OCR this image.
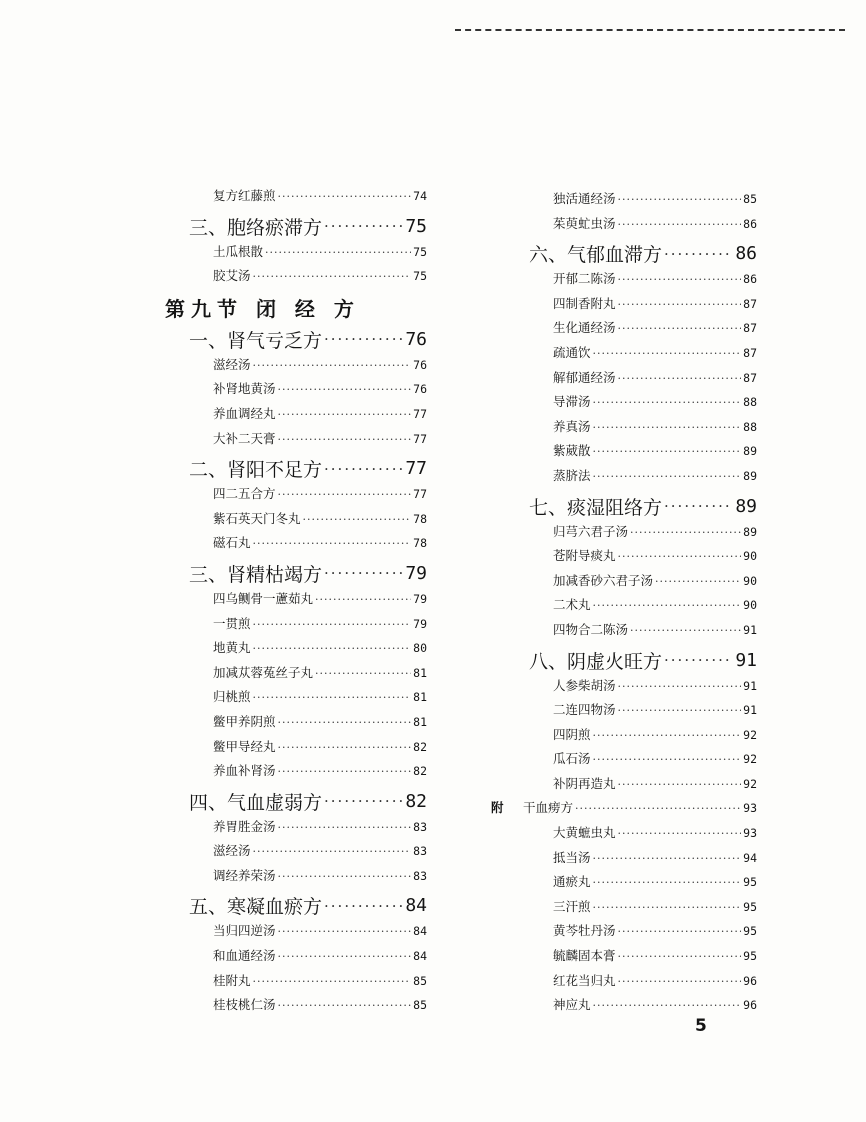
复方红藤煎 ·····	74
三、胞络瘀滞方 ·····	75
土瓜根散 ·····	75
胶艾汤 ·····	75
第九节 闭 经 方
一、肾气亏乏方 ·····	76
滋经汤 ·····	76
补肾地黄汤 ·····	76
养血调经丸 ·····	77
大补二天膏 ·····	77
二、肾阳不足方 ·····	77
四二五合方 ·····	77
紫石英天门冬丸 ·····	78
磁石丸 ·····	78
三、肾精枯竭方 ·····	79
四乌鲗骨一藘茹丸 ·····	79
一贯煎 ·····	79
地黄丸 ·····	80
加减苁蓉菟丝子丸 ·····	81
归桃煎 ·····	81
鳖甲养阴煎 ·····	81
鳖甲导经丸 ·····	82
养血补肾汤 ·····	82
四、气血虚弱方 ·····	82
养胃胜金汤 ·····	83
滋经汤 ·····	83
调经养荣汤 ·····	83
五、寒凝血瘀方 ·····	84
当归四逆汤 ·····	84
和血通经汤 ·····	84
桂附丸 ·····	85
桂枝桃仁汤 ·····	85
独活通经汤 ·····	85
茱萸虻虫汤 ·····	86
六、气郁血滞方 ·····	86
开郁二陈汤 ·····	86
四制香附丸 ·····	87
生化通经汤 ·····	87
疏通饮 ·····	87
解郁通经汤 ·····	87
导滞汤 ·····	88
养真汤 ·····	88
紫葳散 ·····	89
蒸脐法 ·····	89
七、痰湿阻络方 ·····	89
归芎六君子汤 ·····	89
苍附导痰丸 ·····	90
加减香砂六君子汤 ·····	90
二术丸 ·····	90
四物合二陈汤 ·····	91
八、阴虚火旺方 ·····	91
人参柴胡汤 ·····	91
二连四物汤 ·····	91
四阴煎 ·····	92
瓜石汤 ·····	92
补阴再造丸 ·····	92
附 干血痨方 ·····	93
大黄蟅虫丸 ·····	93
抵当汤 ·····	94
通瘀丸 ·····	95
三汗煎 ·····	95
黄芩牡丹汤 ·····	95
毓麟固本膏 ·····	95
红花当归丸 ·····	96
神应丸 ·····	96
5
